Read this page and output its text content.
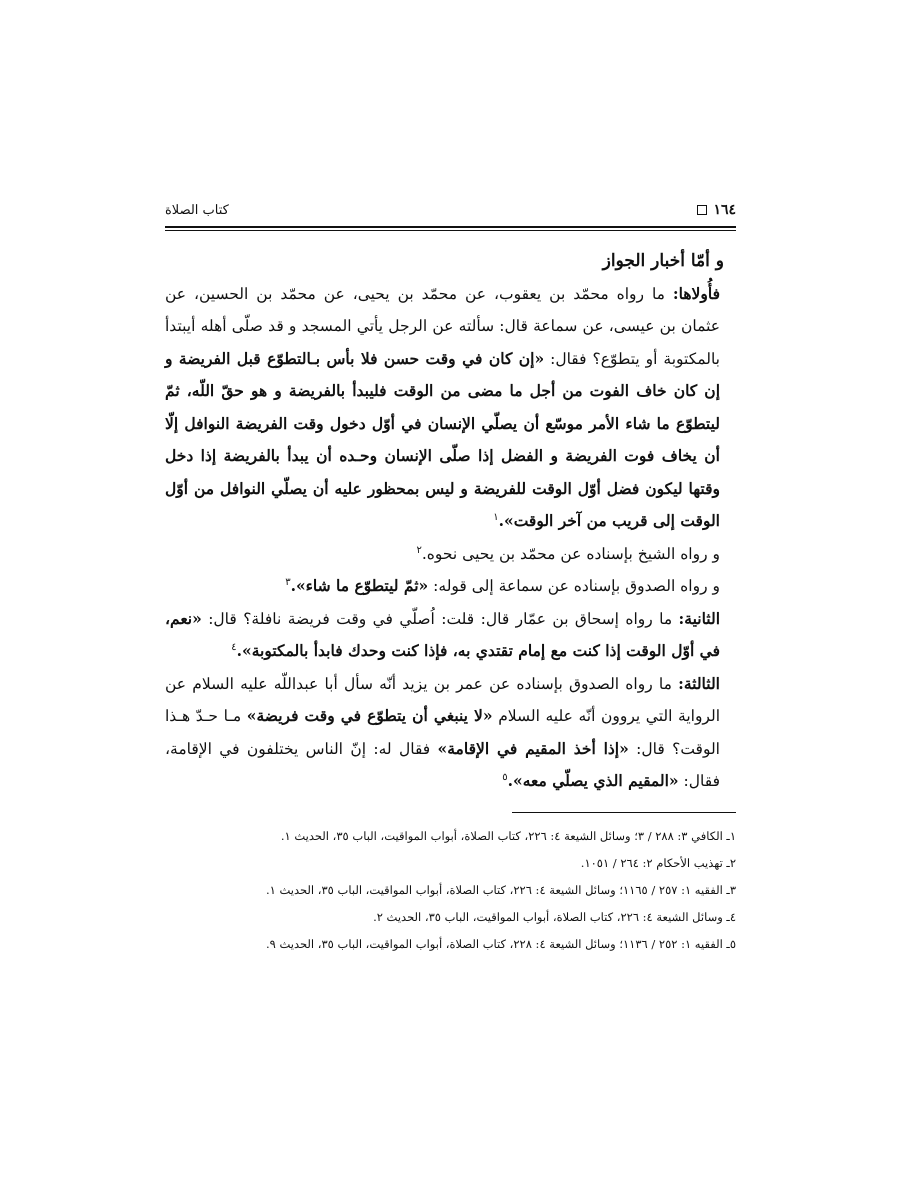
١٦٤
كتاب الصلاة

و أمّا أخبار الجواز

فأُولاها: ما رواه محمّد بن يعقوب، عن محمّد بن يحيى، عن محمّد بن الحسين، عن عثمان بن عيسى، عن سماعة قال: سألته عن الرجل يأتي المسجد و قد صلّى أهله أيبتدأ بالمكتوبة أو يتطوّع؟ فقال: «إن كان في وقت حسن فلا بأس بـالتطوّع قبل الفريضة و إن كان خاف الفوت من أجل ما مضى من الوقت فليبدأ بالفريضة و هو حقّ اللّه، ثمّ ليتطوّع ما شاء الأمر موسّع أن يصلّي الإنسان في أوّل دخول وقت الفريضة النوافل إلّا أن يخاف فوت الفريضة و الفضل إذا صلّى الإنسان وحـده أن يبدأ بالفريضة إذا دخل وقتها ليكون فضل أوّل الوقت للفريضة و ليس بمحظور عليه أن يصلّي النوافل من أوّل الوقت إلى قريب من آخر الوقت».$^١$

و رواه الشيخ بإسناده عن محمّد بن يحيى نحوه.$^٢$

و رواه الصدوق بإسناده عن سماعة إلى قوله: «ثمّ ليتطوّع ما شاء».$^٣$

الثانية: ما رواه إسحاق بن عمّار قال: قلت: اُصلّي في وقت فريضة نافلة؟ قال: «نعم، في أوّل الوقت إذا كنت مع إمام تقتدي به، فإذا كنت وحدك فابدأ بالمكتوبة».$^٤$

الثالثة: ما رواه الصدوق بإسناده عن عمر بن يزيد أنّه سأل أبا عبداللّه عليه السلام عن الرواية التي يروون أنّه عليه السلام «لا ينبغي أن يتطوّع في وقت فريضة» مـا حـدّ هـذا الوقت؟ قال: «إذا أخذ المقيم في الإقامة» فقال له: إنّ الناس يختلفون في الإقامة، فقال: «المقيم الذي يصلّي معه».$^٥$

١ـ الكافي ٣: ٢٨٨ / ٣؛ وسائل الشيعة ٤: ٢٢٦، كتاب الصلاة، أبواب المواقيت، الباب ٣٥، الحديث ١.
٢ـ تهذيب الأحكام ٢: ٢٦٤ / ١٠٥١.
٣ـ الفقيه ١: ٢٥٧ / ١١٦٥؛ وسائل الشيعة ٤: ٢٢٦، كتاب الصلاة، أبواب المواقيت، الباب ٣٥، الحديث ١.
٤ـ وسائل الشيعة ٤: ٢٢٦، كتاب الصلاة، أبواب المواقيت، الباب ٣٥، الحديث ٢.
٥ـ الفقيه ١: ٢٥٢ / ١١٣٦؛ وسائل الشيعة ٤: ٢٢٨، كتاب الصلاة، أبواب المواقيت، الباب ٣٥، الحديث ٩.
